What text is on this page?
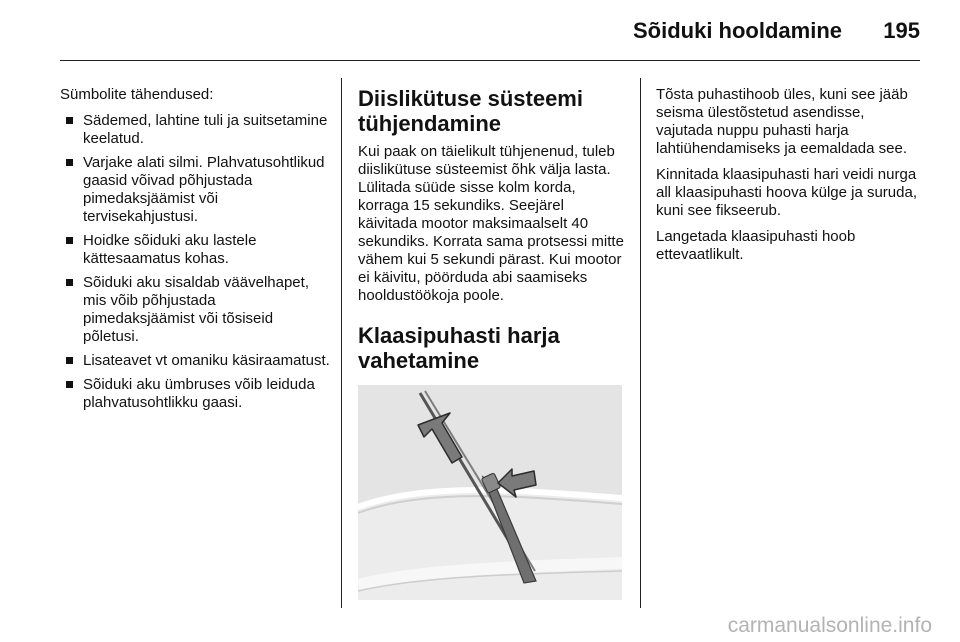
Sõiduki hooldamine 195

Sümbolite tähendused:

Sädemed, lahtine tuli ja suitsetamine keelatud.
Varjake alati silmi. Plahvatusohtlikud gaasid võivad põhjustada pimedaksjäämist või tervisekahjustusi.
Hoidke sõiduki aku lastele kättesaamatus kohas.
Sõiduki aku sisaldab väävelhapet, mis võib põhjustada pimedaksjäämist või tõsiseid põletusi.
Lisateavet vt omaniku käsiraamatust.
Sõiduki aku ümbruses võib leiduda plahvatusohtlikku gaasi.
Diislikütuse süsteemi tühjendamine

Kui paak on täielikult tühjenenud, tuleb diislikütuse süsteemist õhk välja lasta. Lülitada süüde sisse kolm korda, korraga 15 sekundiks. Seejärel käivitada mootor maksimaalselt 40 sekundiks. Korrata sama protsessi mitte vähem kui 5 sekundi pärast. Kui mootor ei käivitu, pöörduda abi saamiseks hooldustöökoja poole.

Klaasipuhasti harja vahetamine

Tõsta puhastihoob üles, kuni see jääb seisma ülestõstetud asendisse, vajutada nuppu puhasti harja lahtiühendamiseks ja eemaldada see.

Kinnitada klaasipuhasti hari veidi nurga all klaasipuhasti hoova külge ja suruda, kuni see fikseerub.

Langetada klaasipuhasti hoob ettevaatlikult.

carmanualsonline.info
